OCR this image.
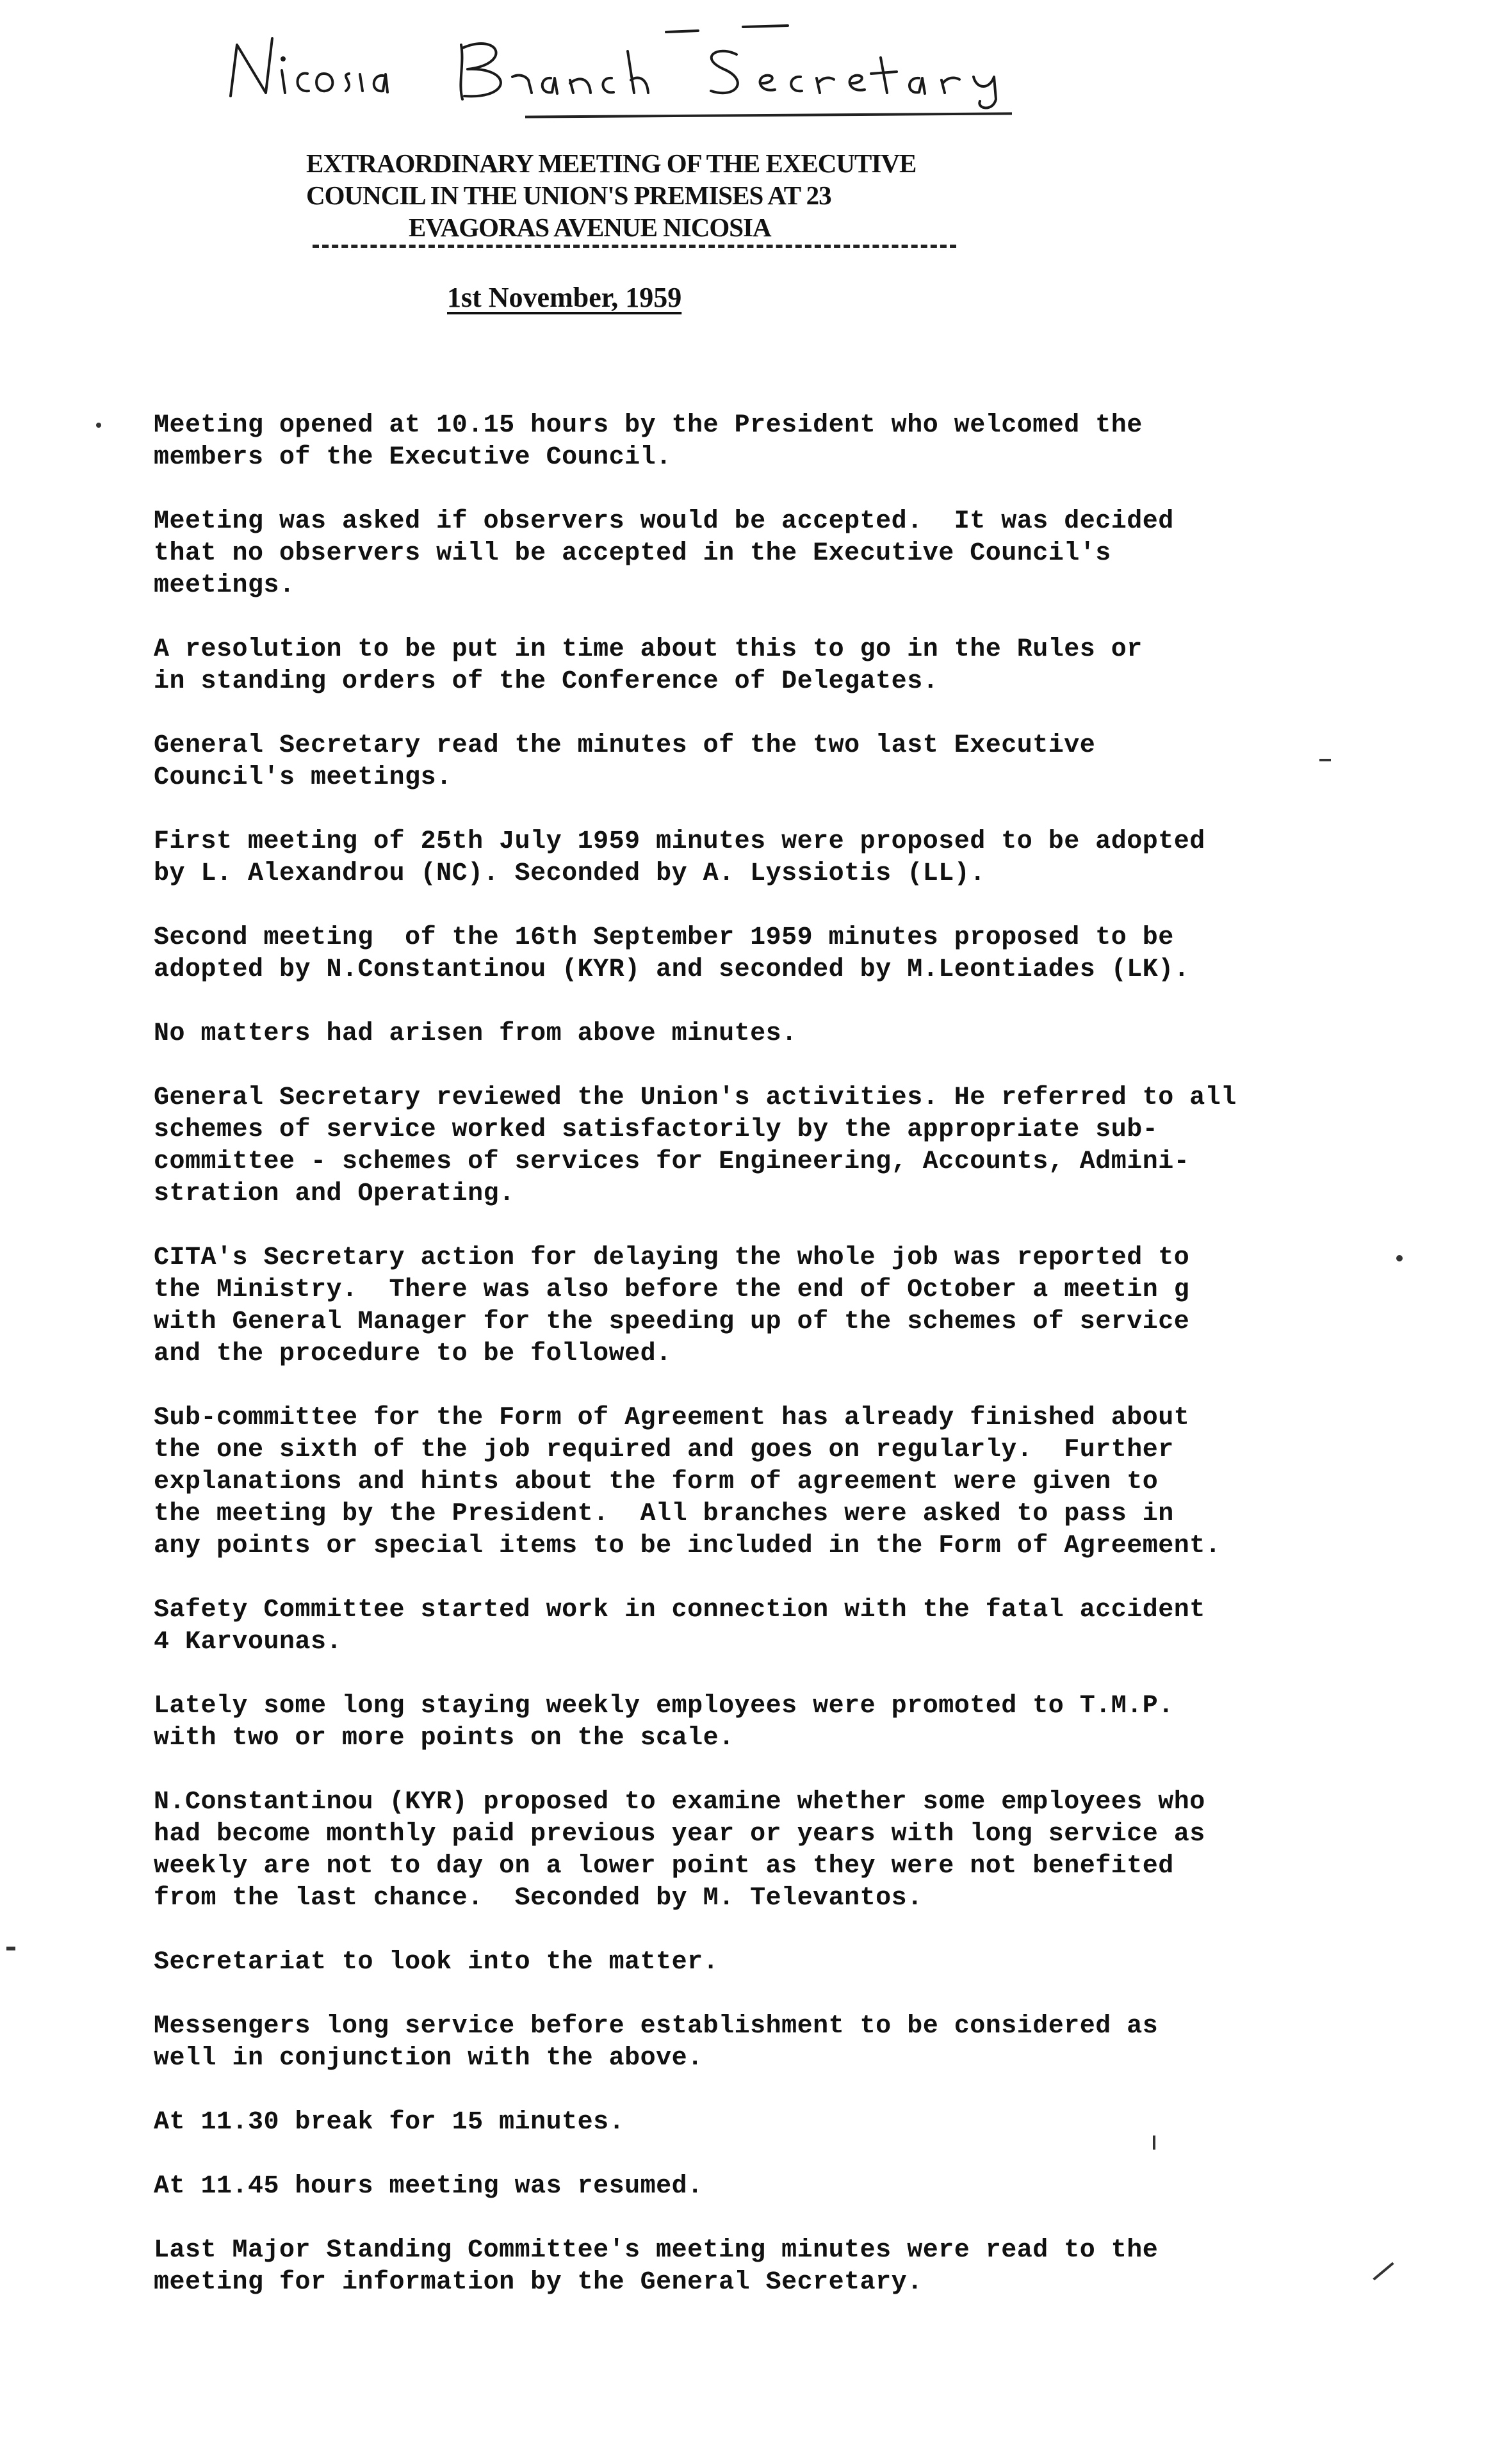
EXTRAORDINARY MEETING OF THE EXECUTIVE
COUNCIL IN THE UNION'S PREMISES AT 23
EVAGORAS AVENUE NICOSIA
1st November, 1959
Meeting opened at 10.15 hours by the President who welcomed the
members of the Executive Council.
Meeting was asked if observers would be accepted.  It was decided
that no observers will be accepted in the Executive Council's
meetings.
A resolution to be put in time about this to go in the Rules or
in standing orders of the Conference of Delegates.
General Secretary read the minutes of the two last Executive
Council's meetings.
First meeting of 25th July 1959 minutes were proposed to be adopted
by L. Alexandrou (NC). Seconded by A. Lyssiotis (LL).
Second meeting  of the 16th September 1959 minutes proposed to be
adopted by N.Constantinou (KYR) and seconded by M.Leontiades (LK).
No matters had arisen from above minutes.
General Secretary reviewed the Union's activities. He referred to all
schemes of service worked satisfactorily by the appropriate sub-
committee - schemes of services for Engineering, Accounts, Admini-
stration and Operating.
CITA's Secretary action for delaying the whole job was reported to
the Ministry.  There was also before the end of October a meetin g
with General Manager for the speeding up of the schemes of service
and the procedure to be followed.
Sub-committee for the Form of Agreement has already finished about
the one sixth of the job required and goes on regularly.  Further
explanations and hints about the form of agreement were given to
the meeting by the President.  All branches were asked to pass in
any points or special items to be included in the Form of Agreement.
Safety Committee started work in connection with the fatal accident
4 Karvounas.
Lately some long staying weekly employees were promoted to T.M.P.
with two or more points on the scale.
N.Constantinou (KYR) proposed to examine whether some employees who
had become monthly paid previous year or years with long service as
weekly are not to day on a lower point as they were not benefited
from the last chance.  Seconded by M. Televantos.
Secretariat to look into the matter.
Messengers long service before establishment to be considered as
well in conjunction with the above.
At 11.30 break for 15 minutes.
At 11.45 hours meeting was resumed.
Last Major Standing Committee's meeting minutes were read to the
meeting for information by the General Secretary.
